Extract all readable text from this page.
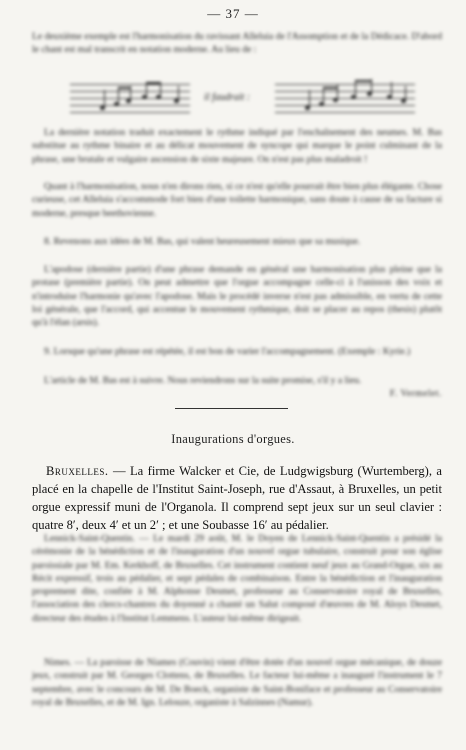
— 37 —
Le deuxième exemple est l'harmonisation du ravissant Alleluia de l'Assomption et de la Dédicace. D'abord le chant est mal transcrit en notation moderne. Au lieu de :
il faudrait :
La dernière notation traduit exactement le rythme indiqué par l'enchaînement des neumes. M. Bas substitue au rythme binaire et au délicat mouvement de syncope qui marque le point culminant de la phrase, une brutale et vulgaire ascension de sixte majeure. On n'est pas plus maladroit !
Quant à l'harmonisation, nous n'en dirons rien, si ce n'est qu'elle pourrait être bien plus élégante. Chose curieuse, cet Alleluia s'accommode fort bien d'une toilette harmonique, sans doute à cause de sa facture si moderne, presque beethovienne.
8. Revenons aux idées de M. Bas, qui valent heureusement mieux que sa musique.
L'apodose (dernière partie) d'une phrase demande en général une harmonisation plus pleine que la protase (première partie). On peut admettre que l'orgue accompagne celle-ci à l'unisson des voix et n'introduise l'harmonie qu'avec l'apodose. Mais le procédé inverse n'est pas admissible, en vertu de cette loi générale, que l'accord, qui accentue le mouvement rythmique, doit se placer au repos (thesis) plutôt qu'à l'élan (arsis).
9. Lorsque qu'une phrase est répétée, il est bon de varier l'accompagnement. (Exemple : Kyrie.)
L'article de M. Bas est à suivre. Nous reviendrons sur la suite promise, s'il y a lieu.
F. Vermelet.
Inaugurations d'orgues.
Bruxelles. — La firme Walcker et Cie, de Ludgwigsburg (Wurtemberg), a placé en la chapelle de l'Institut Saint-Joseph, rue d'Assaut, à Bruxelles, un petit orgue expressif muni de l'Organola. Il comprend sept jeux sur un seul clavier : quatre 8′, deux 4′ et un 2′ ; et une Soubasse 16′ au pédalier.
Lennick-Saint-Quentin. — Le mardi 29 août, M. le Doyen de Lennick-Saint-Quentin a présidé la cérémonie de la bénédiction et de l'inauguration d'un nouvel orgue tubulaire, construit pour son église paroissiale par M. Em. Kerkhoff, de Bruxelles. Cet instrument contient neuf jeux au Grand-Orgue, six au Récit expressif, trois au pédalier, et sept pédales de combinaison. Entre la bénédiction et l'inauguration proprement dite, confiée à M. Alphonse Desmet, professeur au Conservatoire royal de Bruxelles, l'association des clercs-chantres du doyenné a chanté un Salut composé d'œuvres de M. Aloys Desmet, directeur des études à l'Institut Lemmens. L'auteur lui-même dirigeait.
Nimes. — La paroisse de Niames (Couvin) vient d'être dotée d'un nouvel orgue mécanique, de douze jeux, construit par M. Georges Clottens, de Bruxelles. Le facteur lui-même a inauguré l'instrument le 7 septembre, avec le concours de M. De Boeck, organiste de Saint-Boniface et professeur au Conservatoire royal de Bruxelles, et de M. Ign. Lelouze, organiste à Salzinnes (Namur).
